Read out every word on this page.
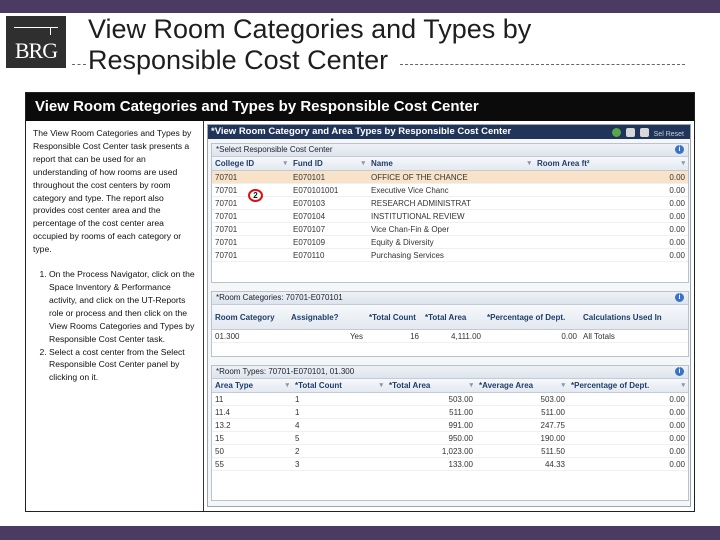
BRG
View Room Categories and Types by
Responsible Cost Center
View Room Categories and Types by Responsible Cost Center

The View Room Categories and Types by Responsible Cost Center task presents a report that can be used for an understanding of how rooms are used throughout the cost centers by room category and type. The report also provides cost center area and the percentage of the cost center area occupied by rooms of each category or type.

1. On the Process Navigator, click on the Space Inventory & Performance activity, and click on the UT-Reports role or process and then click on the View Rooms Categories and Types by Responsible Cost Center task.
2. Select a cost center from the Select Responsible Cost Center panel by clicking on it.
*View Room Category and Area Types by Responsible Cost Center	Sel Reset
*Select Responsible Cost Center	i
College ID ▾	Fund ID ▾	Name ▾	Room Area ft² ▾

70701	E070101	OFFICE OF THE CHANCE	0.00
70701	E070101001	Executive Vice Chanc	0.00
70701	E070103	RESEARCH ADMINISTRAT	0.00
70701	E070104	INSTITUTIONAL REVIEW	0.00
70701	E070107	Vice Chan-Fin & Oper	0.00
70701	E070109	Equity & Diversity	0.00
70701	E070110	Purchasing Services	0.00
2
*Room Categories: 70701-E070101	i
Room Category	Assignable?	*Total Count	*Total Area	*Percentage of Dept.	Calculations Used In
01.300	Yes	16	4,111.00	0.00	All Totals
*Room Types: 70701-E070101, 01.300	i
Area Type ▾	*Total Count ▾	*Total Area ▾	*Average Area ▾	*Percentage of Dept. ▾

11	1	503.00	503.00	0.00
11.4	1	511.00	511.00	0.00
13.2	4	991.00	247.75	0.00
15	5	950.00	190.00	0.00
50	2	1,023.00	511.50	0.00
55	3	133.00	44.33	0.00
